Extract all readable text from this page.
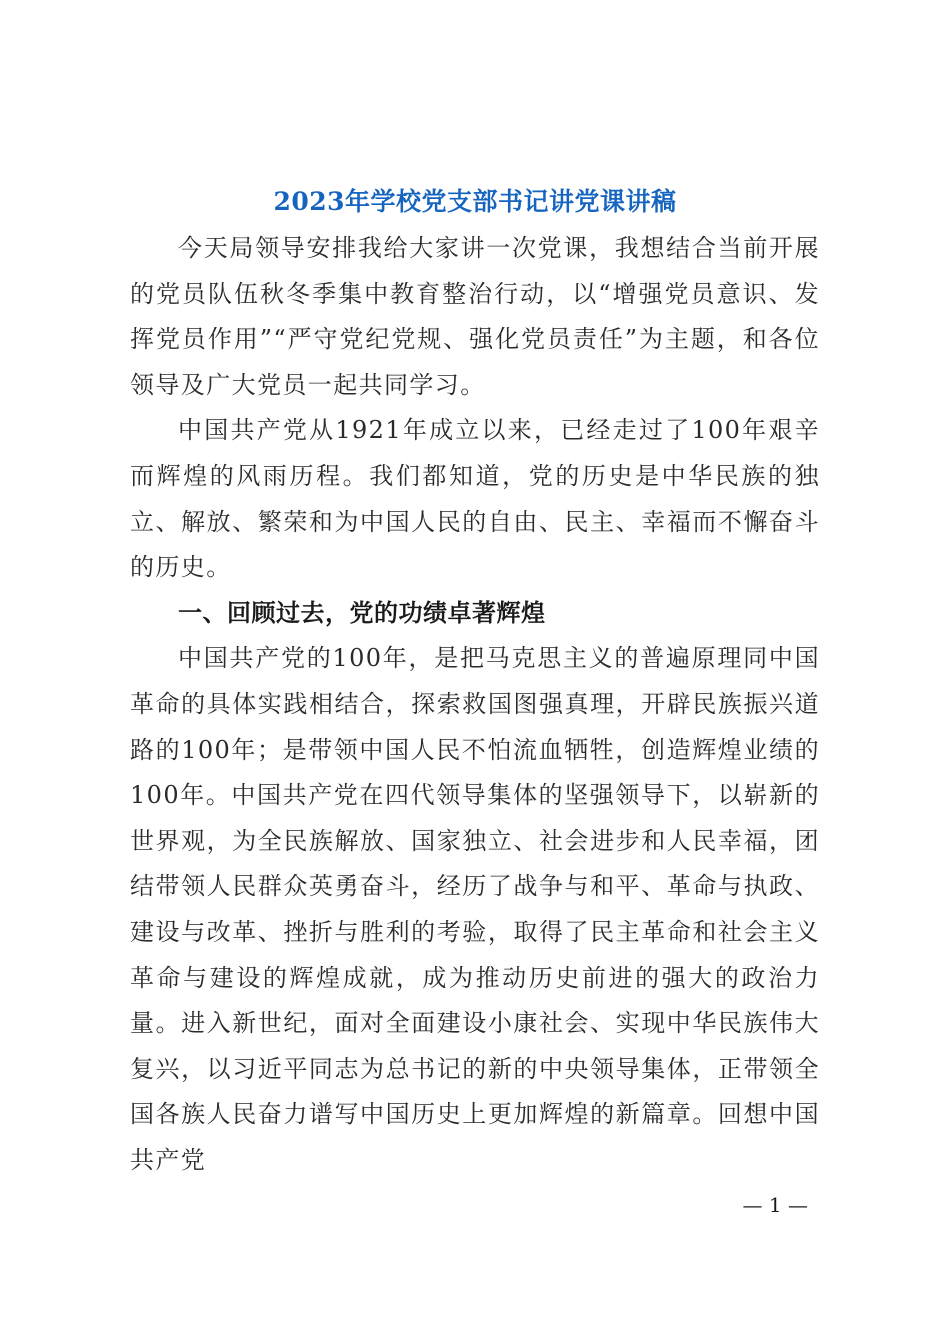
2023年学校党支部书记讲党课讲稿

今天局领导安排我给大家讲一次党课，我想结合当前开展的党员队伍秋冬季集中教育整治行动，以“增强党员意识、发挥党员作用”“严守党纪党规、强化党员责任”为主题，和各位领导及广大党员一起共同学习。

中国共产党从1921年成立以来，已经走过了100年艰辛而辉煌的风雨历程。我们都知道，党的历史是中华民族的独立、解放、繁荣和为中国人民的自由、民主、幸福而不懈奋斗的历史。

一、回顾过去，党的功绩卓著辉煌

中国共产党的100年，是把马克思主义的普遍原理同中国革命的具体实践相结合，探索救国图强真理，开辟民族振兴道路的100年；是带领中国人民不怕流血牺牲，创造辉煌业绩的100年。中国共产党在四代领导集体的坚强领导下，以崭新的世界观，为全民族解放、国家独立、社会进步和人民幸福，团结带领人民群众英勇奋斗，经历了战争与和平、革命与执政、建设与改革、挫折与胜利的考验，取得了民主革命和社会主义革命与建设的辉煌成就，成为推动历史前进的强大的政治力量。进入新世纪，面对全面建设小康社会、实现中华民族伟大复兴，以习近平同志为总书记的新的中央领导集体，正带领全国各族人民奋力谱写中国历史上更加辉煌的新篇章。回想中国共产党

— 1 —
